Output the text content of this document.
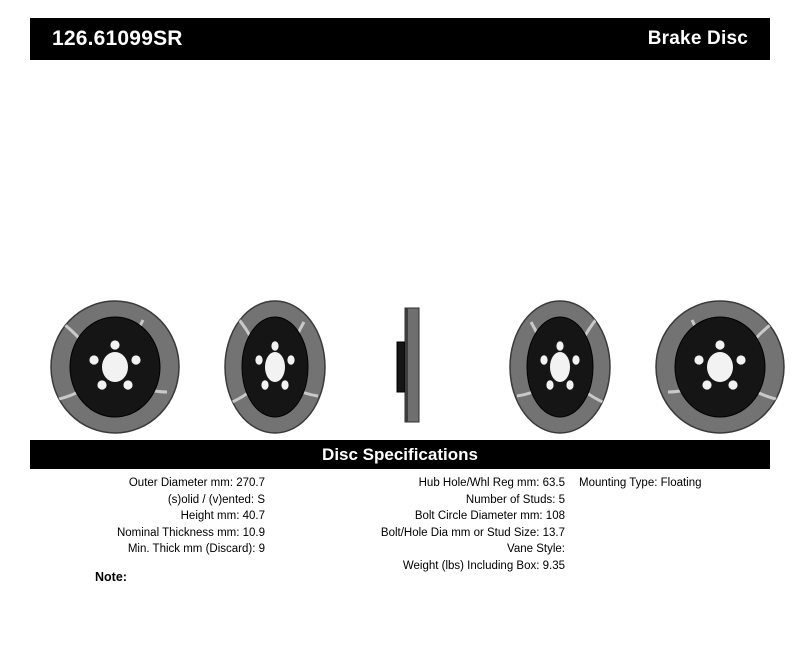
126.61099SR	Brake Disc
Disc Specifications
Outer Diameter mm: 270.7
(s)olid / (v)ented: S
Height mm: 40.7
Nominal Thickness mm: 10.9
Min. Thick mm (Discard): 9
Hub Hole/Whl Reg mm: 63.5
Number of Studs: 5
Bolt Circle Diameter mm: 108
Bolt/Hole Dia mm or Stud Size: 13.7
Vane Style:
Weight (lbs) Including Box: 9.35
Mounting Type: Floating
Note:
